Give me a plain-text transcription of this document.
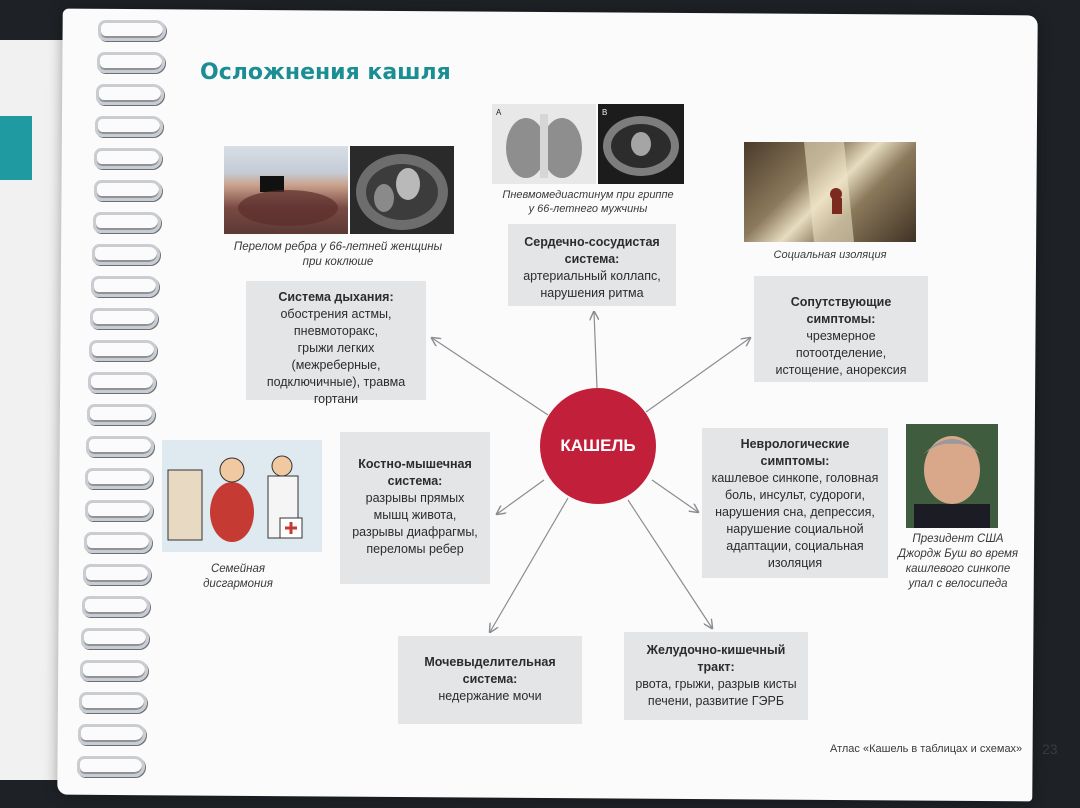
Осложнения кашля
Система дыхания:
обострения астмы,
пневмоторакс,
грыжи легких
(межреберные,
подключичные), травма
гортани
Сердечно-сосудистая система:
артериальный коллапс,
нарушения ритма
Сопутствующие симптомы:
чрезмерное потоотделение,
истощение, анорексия
Костно-мышечная система:
разрывы прямых
мышц живота,
разрывы диафрагмы,
переломы ребер
Неврологические симптомы:
кашлевое синкопе, головная
боль, инсульт, судороги,
нарушения сна, депрессия,
нарушение социальной
адаптации, социальная
изоляция
Мочевыделительная система:
недержание мочи
Желудочно-кишечный тракт:
рвота, грыжи, разрыв кисты
печени, развитие ГЭРБ
КАШЕЛЬ
A	B
Перелом ребра у 66-летней женщины
при коклюше
Пневмомедиастинум при гриппе
у 66-летнего мужчины
Социальная изоляция
Семейная
дисгармония
Президент США
Джордж Буш во время
кашлевого синкопе
упал с велосипеда
Атлас «Кашель в таблицах и схемах» 23
